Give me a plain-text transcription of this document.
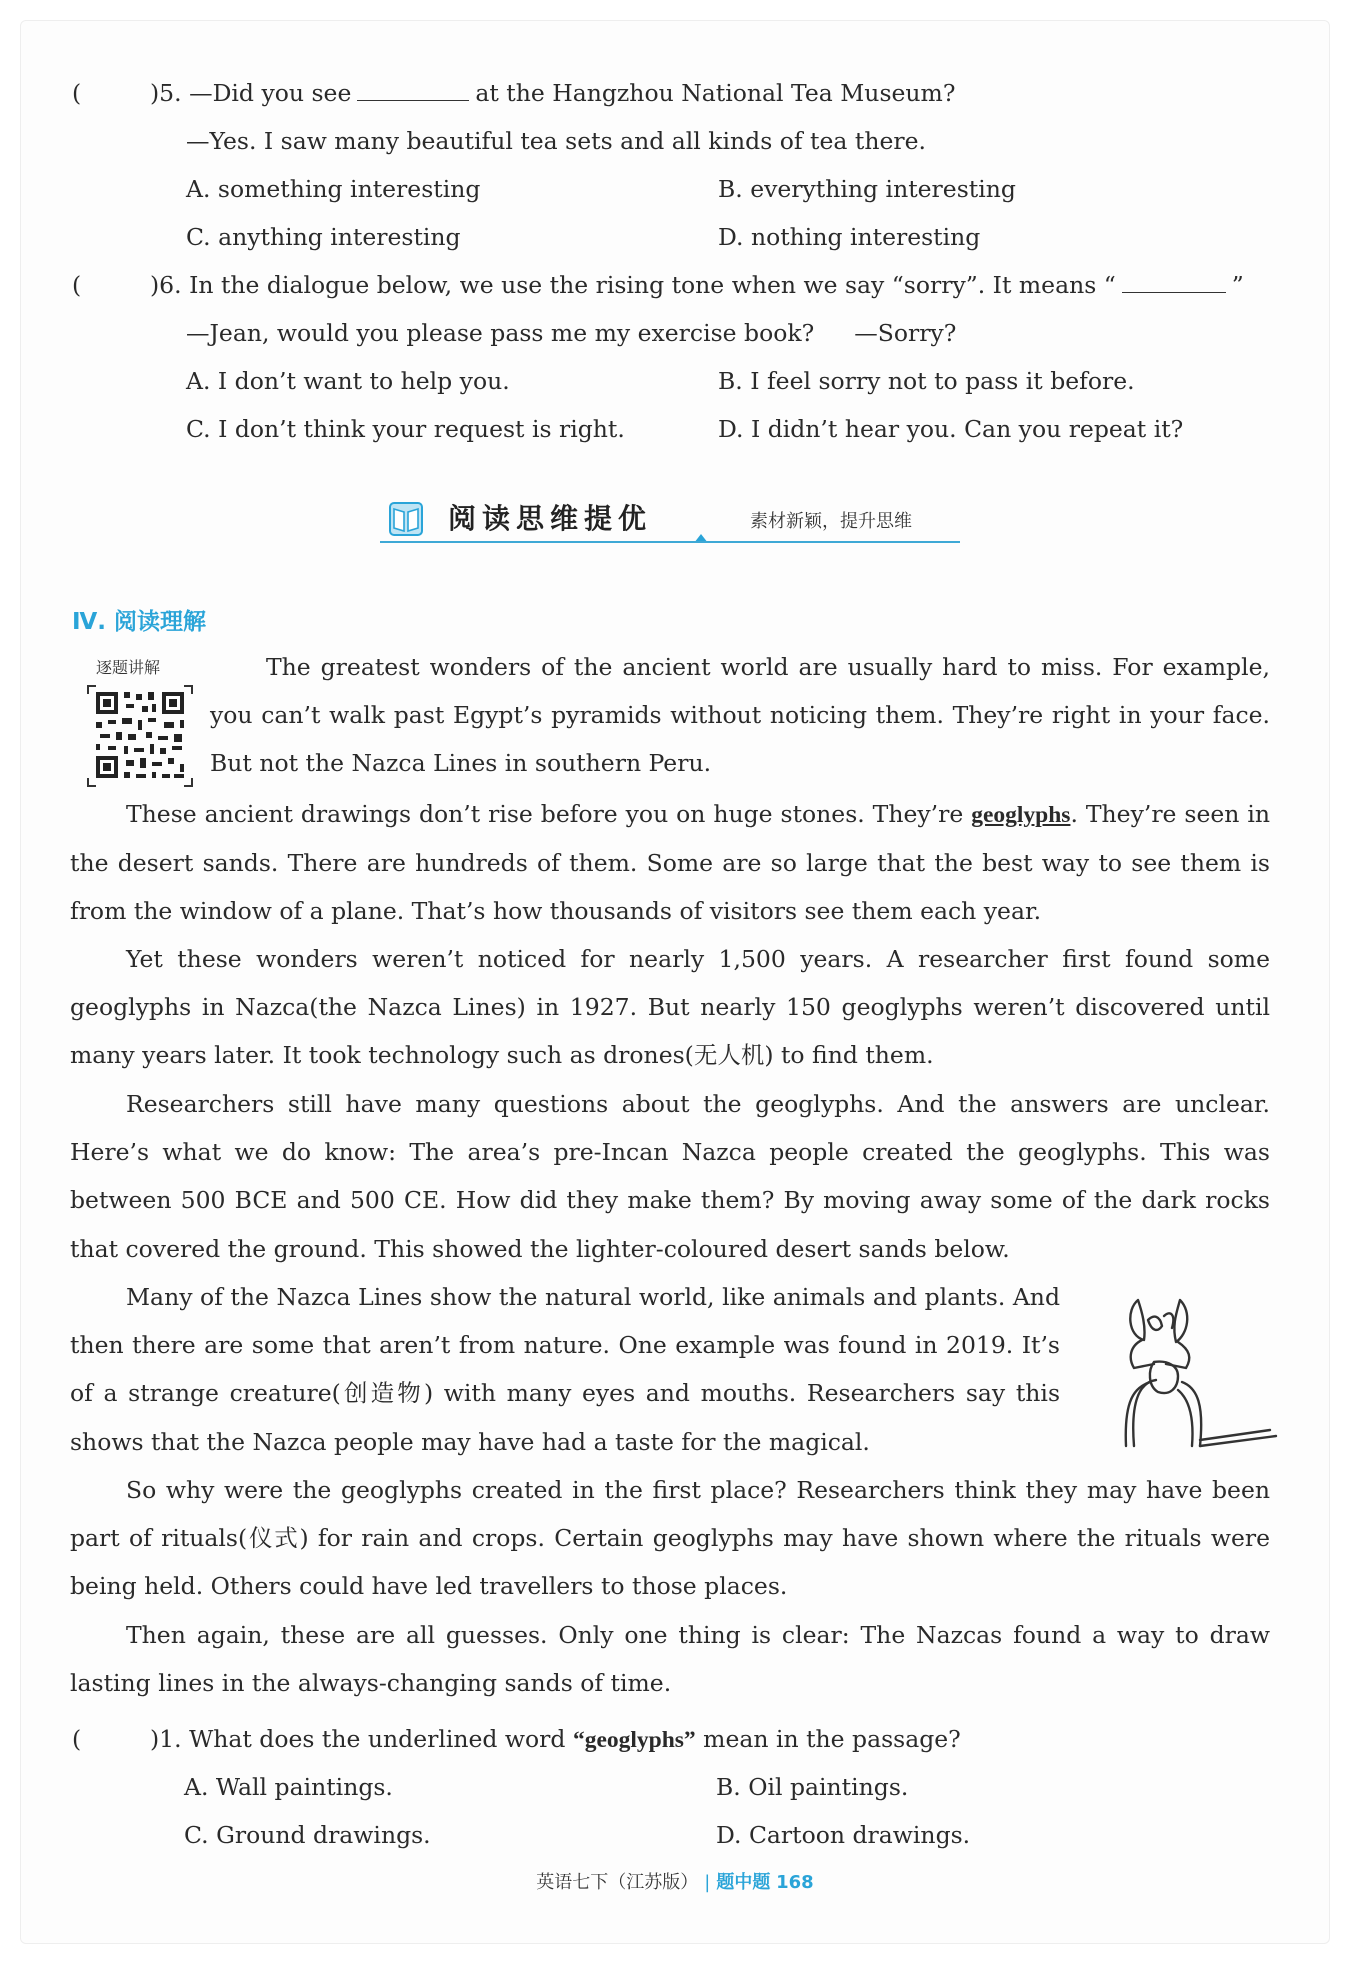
(	)5. —Did you see	at the Hangzhou National Tea Museum?
—Yes. I saw many beautiful tea sets and all kinds of tea there.
A. something interesting	B. everything interesting
C. anything interesting	D. nothing interesting
(	)6. In the dialogue below, we use the rising tone when we say “sorry”. It means “	”
—Jean, would you please pass me my exercise book? —Sorry?
A. I don’t want to help you.	B. I feel sorry not to pass it before.
C. I don’t think your request is right.	D. I didn’t hear you. Can you repeat it?
阅读思维提优	素材新颖，提升思维
Ⅳ. 阅读理解
逐题讲解	The greatest wonders of the ancient world are usually hard to miss. For example, you can’t walk past Egypt’s pyramids without noticing them. They’re right in your face. But not the Nazca Lines in southern Peru.
These ancient drawings don’t rise before you on huge stones. They’re geoglyphs. They’re seen in the desert sands. There are hundreds of them. Some are so large that the best way to see them is from the window of a plane. That’s how thousands of visitors see them each year.
Yet these wonders weren’t noticed for nearly 1,500 years. A researcher first found some geoglyphs in Nazca(the Nazca Lines) in 1927. But nearly 150 geoglyphs weren’t discovered until many years later. It took technology such as drones(无人机) to find them.
Researchers still have many questions about the geoglyphs. And the answers are unclear. Here’s what we do know: The area’s pre-Incan Nazca people created the geoglyphs. This was between 500 BCE and 500 CE. How did they make them? By moving away some of the dark rocks that covered the ground. This showed the lighter-coloured desert sands below.
Many of the Nazca Lines show the natural world, like animals and plants. And then there are some that aren’t from nature. One example was found in 2019. It’s of a strange creature(创造物) with many eyes and mouths. Researchers say this shows that the Nazca people may have had a taste for the magical.
So why were the geoglyphs created in the first place? Researchers think they may have been part of rituals(仪式) for rain and crops. Certain geoglyphs may have shown where the rituals were being held. Others could have led travellers to those places.
Then again, these are all guesses. Only one thing is clear: The Nazcas found a way to draw lasting lines in the always-changing sands of time.
(	)1. What does the underlined word “geoglyphs” mean in the passage?
A. Wall paintings.	B. Oil paintings.
C. Ground drawings.	D. Cartoon drawings.
英语七下（江苏版） | 题中题 168
